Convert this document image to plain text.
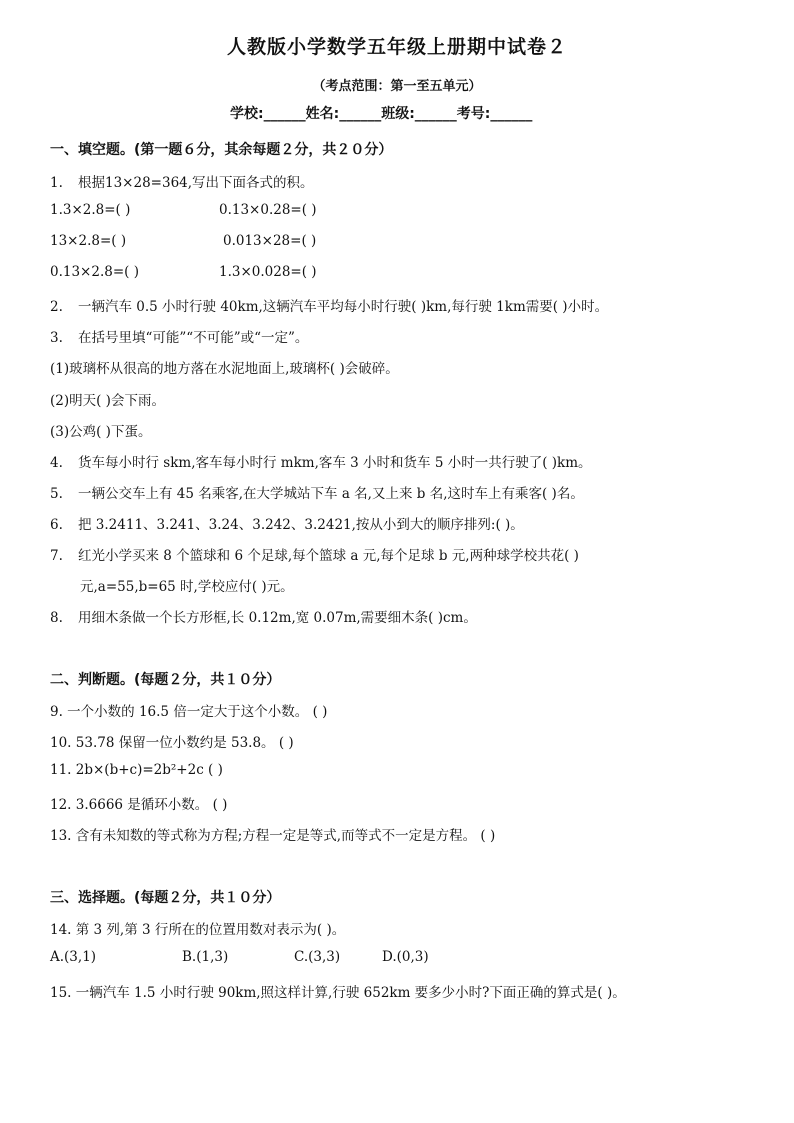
人教版小学数学五年级上册期中试卷２
（考点范围：第一至五单元）
学校:______姓名:______班级:______考号:______
一、填空题。(第一题６分，其余每题２分，共２０分）
1. 根据13×28=364,写出下面各式的积。
1.3×2.8=( )	0.13×0.28=( )
13×2.8=( )	0.013×28=( )
0.13×2.8=( )	1.3×0.028=( )
2. 一辆汽车 0.5 小时行驶 40km,这辆汽车平均每小时行驶( )km,每行驶 1km需要( )小时。
3. 在括号里填“可能”“不可能”或“一定”。
(1)玻璃杯从很高的地方落在水泥地面上,玻璃杯( )会破碎。
(2)明天( )会下雨。
(3)公鸡( )下蛋。
4. 货车每小时行 skm,客车每小时行 mkm,客车 3 小时和货车 5 小时一共行驶了( )km。
5. 一辆公交车上有 45 名乘客,在大学城站下车 a 名,又上来 b 名,这时车上有乘客( )名。
6. 把 3.2411、3.241、3.24、3.242、3.2421,按从小到大的顺序排列:( )。
7. 红光小学买来 8 个篮球和 6 个足球,每个篮球 a 元,每个足球 b 元,两种球学校共花( )
元,a=55,b=65 时,学校应付( )元。
8. 用细木条做一个长方形框,长 0.12m,宽 0.07m,需要细木条( )cm。
二、判断题。(每题２分，共１０分）
9. 一个小数的 16.5 倍一定大于这个小数。 ( )
10. 53.78 保留一位小数约是 53.8。 ( )
11. 2b×(b+c)=2b²+2c ( )
12. 3.6666 是循环小数。 ( )
13. 含有未知数的等式称为方程;方程一定是等式,而等式不一定是方程。 ( )
三、选择题。(每题２分，共１０分）
14. 第 3 列,第 3 行所在的位置用数对表示为( )。
A.(3,1)	B.(1,3)	C.(3,3)	D.(0,3)
15. 一辆汽车 1.5 小时行驶 90km,照这样计算,行驶 652km 要多少小时?下面正确的算式是( )。
